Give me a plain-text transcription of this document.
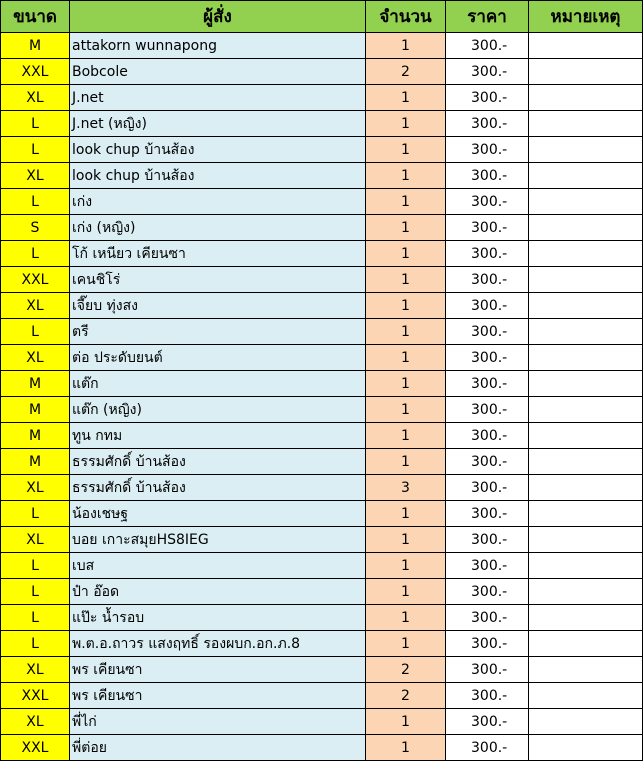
ขนาด	ผู้สั่ง	จำนวน	ราคา	หมายเหตุ
M	attakorn wunnapong	1	300.-	
XXL	Bobcole	2	300.-	
XL	J.net	1	300.-	
L	J.net (หญิง)	1	300.-	
L	look chup บ้านส้อง	1	300.-	
XL	look chup บ้านส้อง	1	300.-	
L	เก่ง	1	300.-	
S	เก่ง (หญิง)	1	300.-	
L	โก้ เหนียว เคียนซา	1	300.-	
XXL	เคนชิโร่	1	300.-	
XL	เจี๊ยบ ทุ่งสง	1	300.-	
L	ตรี	1	300.-	
XL	ต่อ ประดับยนต์	1	300.-	
M	แต๊ก	1	300.-	
M	แต๊ก (หญิง)	1	300.-	
M	ทูน กทม	1	300.-	
M	ธรรมศักดิ์ บ้านส้อง	1	300.-	
XL	ธรรมศักดิ์ บ้านส้อง	3	300.-	
L	น้องเชษฐ	1	300.-	
XL	บอย เกาะสมุยHS8IEG	1	300.-	
L	เบส	1	300.-	
L	ป๋า อ๊อด	1	300.-	
L	แป๊ะ น้ำรอบ	1	300.-	
L	พ.ต.อ.ถาวร แสงฤทธิ์ รองผบก.อก.ภ.8	1	300.-	
XL	พร เคียนซา	2	300.-	
XXL	พร เคียนซา	2	300.-	
XL	พี่ไก่	1	300.-	
XXL	พี่ต่อย	1	300.-	
